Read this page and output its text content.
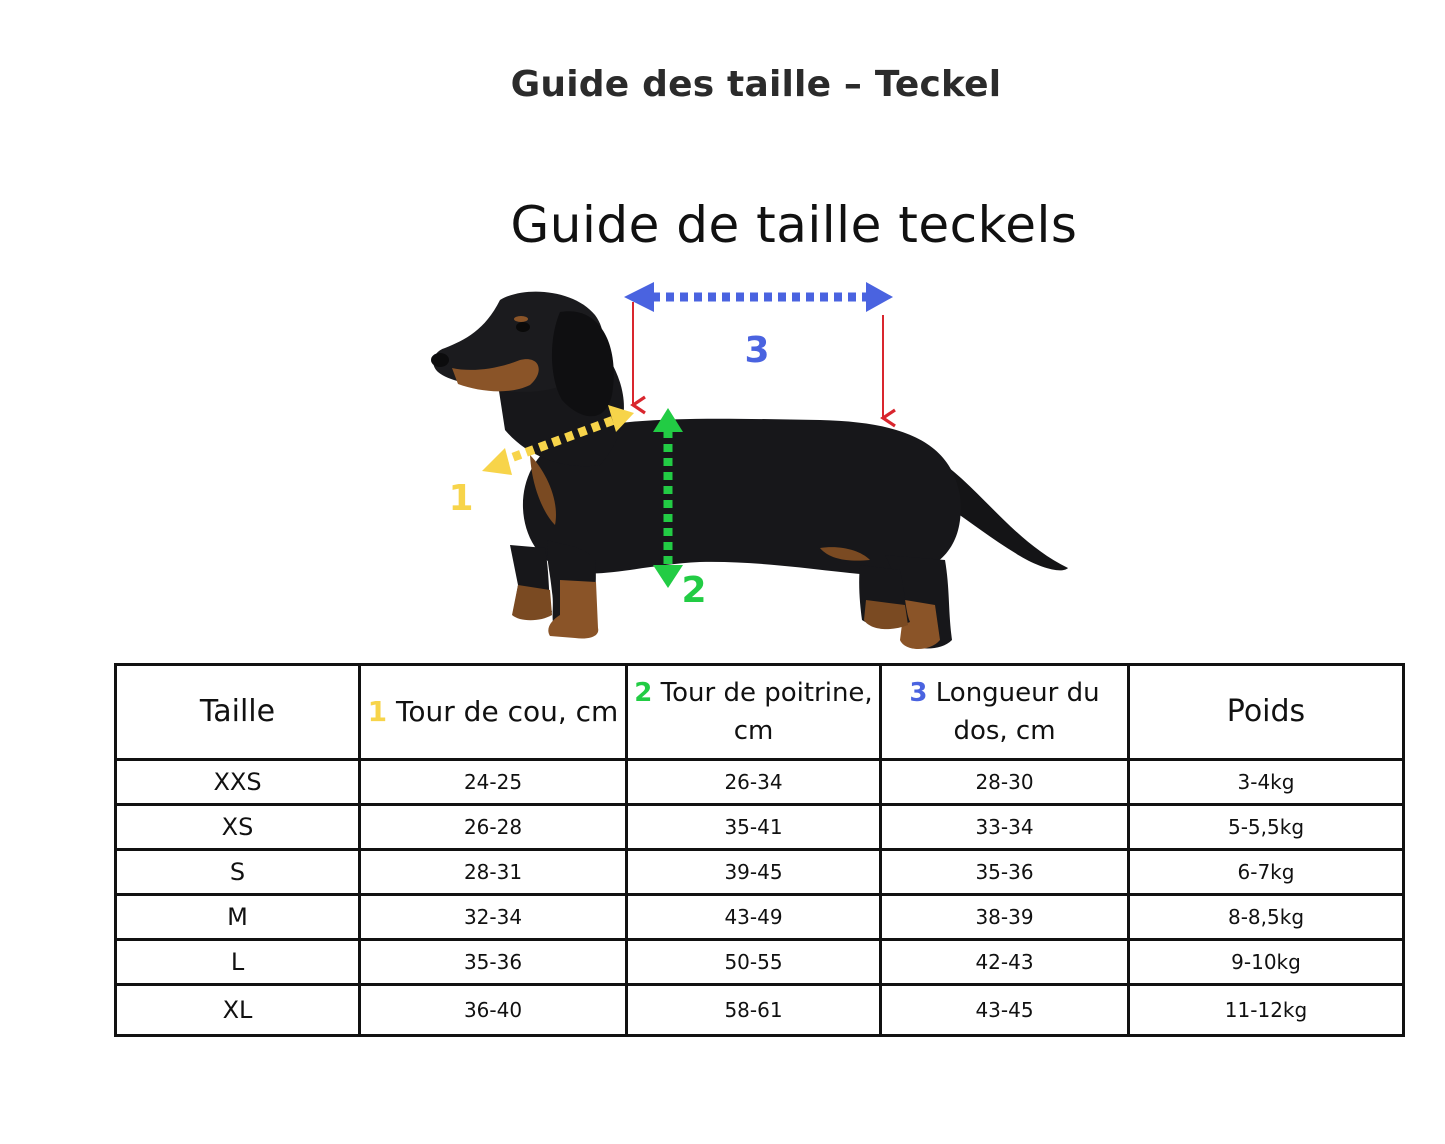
Guide des taille – Teckel
Guide de taille teckels
3
1
2
Taille	1 Tour de cou, cm	2 Tour de poitrine, cm	3 Longueur du dos, cm	Poids
XXS	24-25	26-34	28-30	3-4kg
XS	26-28	35-41	33-34	5-5,5kg
S	28-31	39-45	35-36	6-7kg
M	32-34	43-49	38-39	8-8,5kg
L	35-36	50-55	42-43	9-10kg
XL	36-40	58-61	43-45	11-12kg
